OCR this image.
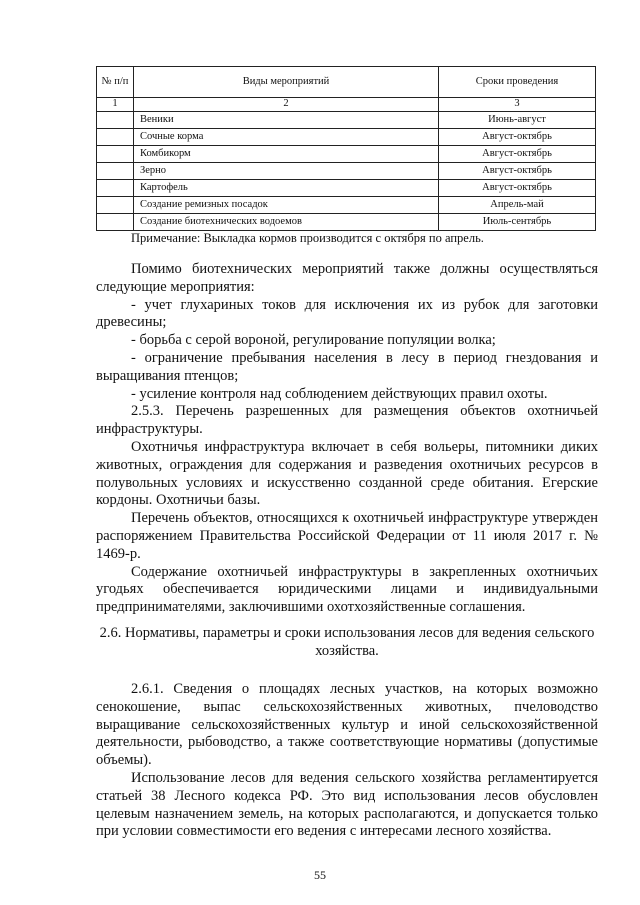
№ п/п	Виды мероприятий	Сроки проведения
1	2	3
	Веники	Июнь-август
	Сочные корма	Август-октябрь
	Комбикорм	Август-октябрь
	Зерно	Август-октябрь
	Картофель	Август-октябрь
	Создание ремизных посадок	Апрель-май
	Создание биотехнических водоемов	Июль-сентябрь
Примечание: Выкладка кормов производится с октября по апрель.

Помимо биотехнических мероприятий также должны осуществляться следующие мероприятия:

- учет глухариных токов для исключения их из рубок для заготовки древесины;

- борьба с серой вороной, регулирование популяции волка;

- ограничение пребывания населения в лесу в период гнездования и выращивания птенцов;

- усиление контроля над соблюдением действующих правил охоты.

2.5.3. Перечень разрешенных для размещения объектов охотничьей инфраструктуры.

Охотничья инфраструктура включает в себя вольеры, питомники диких животных, ограждения для содержания и разведения охотничьих ресурсов в полувольных условиях и искусственно созданной среде обитания. Егерские кордоны. Охотничьи базы.

Перечень объектов, относящихся к охотничьей инфраструктуре утвержден распоряжением Правительства Российской Федерации от 11 июля 2017 г. № 1469-р.

Содержание охотничьей инфраструктуры в закрепленных охотничьих угодьях обеспечивается юридическими лицами и индивидуальными предпринимателями, заключившими охотхозяйственные соглашения.

2.6. Нормативы, параметры и сроки использования лесов для ведения сельского хозяйства.

2.6.1. Сведения о площадях лесных участков, на которых возможно сенокошение, выпас сельскохозяйственных животных, пчеловодство выращивание сельскохозяйственных культур и иной сельскохозяйственной деятельности, рыбоводство, а также соответствующие нормативы (допустимые объемы).

Использование лесов для ведения сельского хозяйства регламентируется статьей 38 Лесного кодекса РФ. Это вид использования лесов обусловлен целевым назначением земель, на которых располагаются, и допускается только при условии совместимости его ведения с интересами лесного хозяйства.

55
